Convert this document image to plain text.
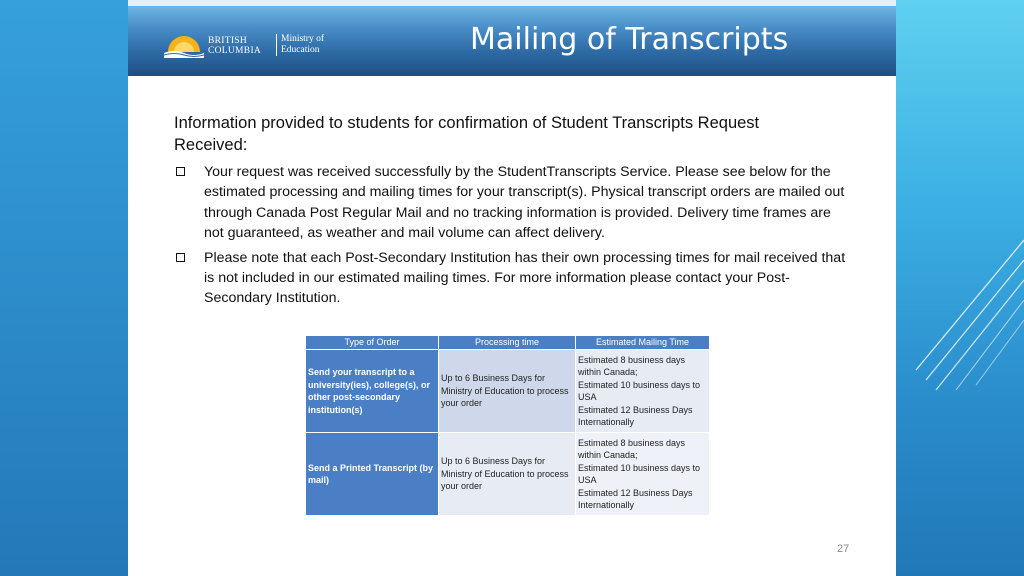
BRITISH
COLUMBIA
Ministry of
Education	Mailing of Transcripts
Information provided to students for confirmation of Student Transcripts Request
Received:
Your request was received successfully by the StudentTranscripts Service. Please see below for the estimated processing and mailing times for your transcript(s). Physical transcript orders are mailed out through Canada Post Regular Mail and no tracking information is provided. Delivery time frames are not guaranteed, as weather and mail volume can affect delivery.
Please note that each Post-Secondary Institution has their own processing times for mail received that is not included in our estimated mailing times. For more information please contact your Post-Secondary Institution.
Type of Order	Processing time	Estimated Mailing Time
Send your transcript to a university(ies), college(s), or other post-secondary institution(s)	Up to 6 Business Days for Ministry of Education to process your order	Estimated 8 business days within Canada;
Estimated 10 business days to USA
Estimated 12 Business Days Internationally

Send a Printed Transcript (by mail)	Up to 6 Business Days for Ministry of Education to process your order	Estimated 8 business days within Canada;
Estimated 10 business days to USA
Estimated 12 Business Days Internationally
27
